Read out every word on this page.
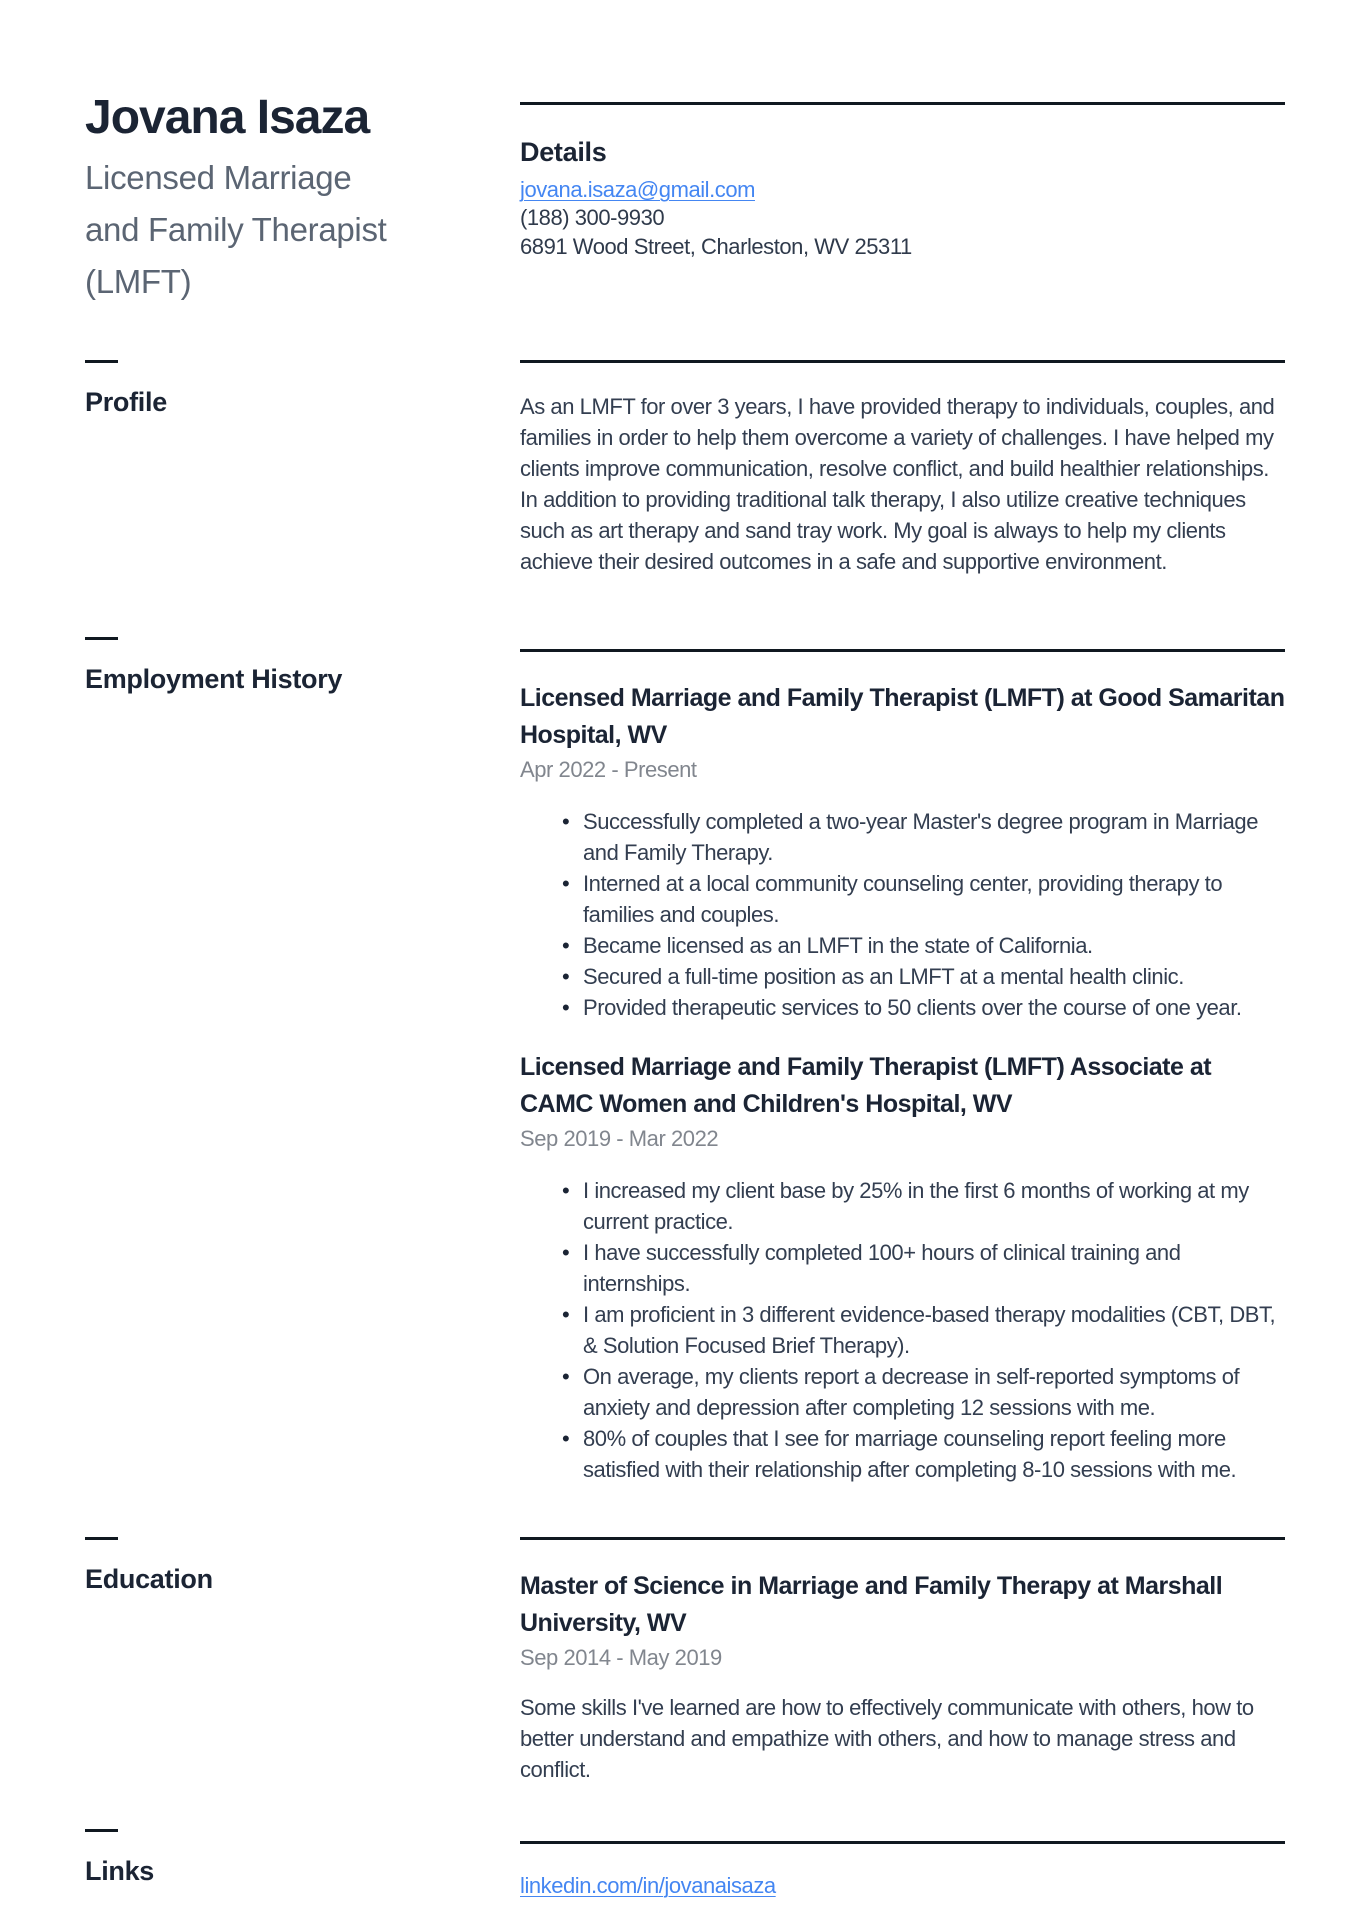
Jovana Isaza
Licensed Marriage and Family Therapist (LMFT)
Details
jovana.isaza@gmail.com
(188) 300-9930
6891 Wood Street, Charleston, WV 25311
Profile	As an LMFT for over 3 years, I have provided therapy to individuals, couples, and families in order to help them overcome a variety of challenges. I have helped my clients improve communication, resolve conflict, and build healthier relationships. In addition to providing traditional talk therapy, I also utilize creative techniques such as art therapy and sand tray work. My goal is always to help my clients achieve their desired outcomes in a safe and supportive environment.

Employment History
Licensed Marriage and Family Therapist (LMFT) at Good Samaritan Hospital, WV
Apr 2022 - Present
• Successfully completed a two-year Master's degree program in Marriage and Family Therapy.
• Interned at a local community counseling center, providing therapy to families and couples.
• Became licensed as an LMFT in the state of California.
• Secured a full-time position as an LMFT at a mental health clinic.
• Provided therapeutic services to 50 clients over the course of one year.
Licensed Marriage and Family Therapist (LMFT) Associate at CAMC Women and Children's Hospital, WV
Sep 2019 - Mar 2022
• I increased my client base by 25% in the first 6 months of working at my current practice.
• I have successfully completed 100+ hours of clinical training and internships.
• I am proficient in 3 different evidence-based therapy modalities (CBT, DBT, & Solution Focused Brief Therapy).
• On average, my clients report a decrease in self-reported symptoms of anxiety and depression after completing 12 sessions with me.
• 80% of couples that I see for marriage counseling report feeling more satisfied with their relationship after completing 8-10 sessions with me.
Education	Master of Science in Marriage and Family Therapy at Marshall University, WV
Sep 2014 - May 2019

Some skills I've learned are how to effectively communicate with others, how to better understand and empathize with others, and how to manage stress and conflict.

Links	linkedin.com/in/jovanaisaza
